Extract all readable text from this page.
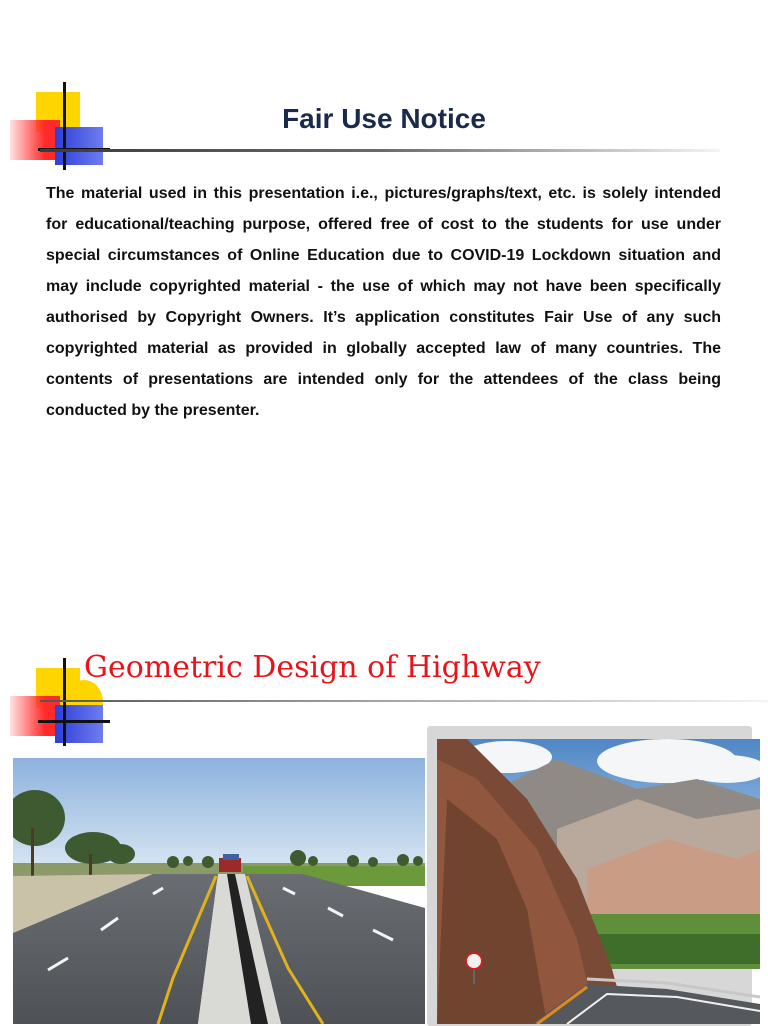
Fair Use Notice

The material used in this presentation i.e., pictures/graphs/text, etc. is solely intended for educational/teaching purpose, offered free of cost to the students for use under special circumstances of Online Education due to COVID-19 Lockdown situation and may include copyrighted material - the use of which may not have been specifically authorised by Copyright Owners. It’s application constitutes Fair Use of any such copyrighted material as provided in globally accepted law of many countries. The contents of presentations are intended only for the attendees of the class being conducted by the presenter.

Geometric Design of Highway
